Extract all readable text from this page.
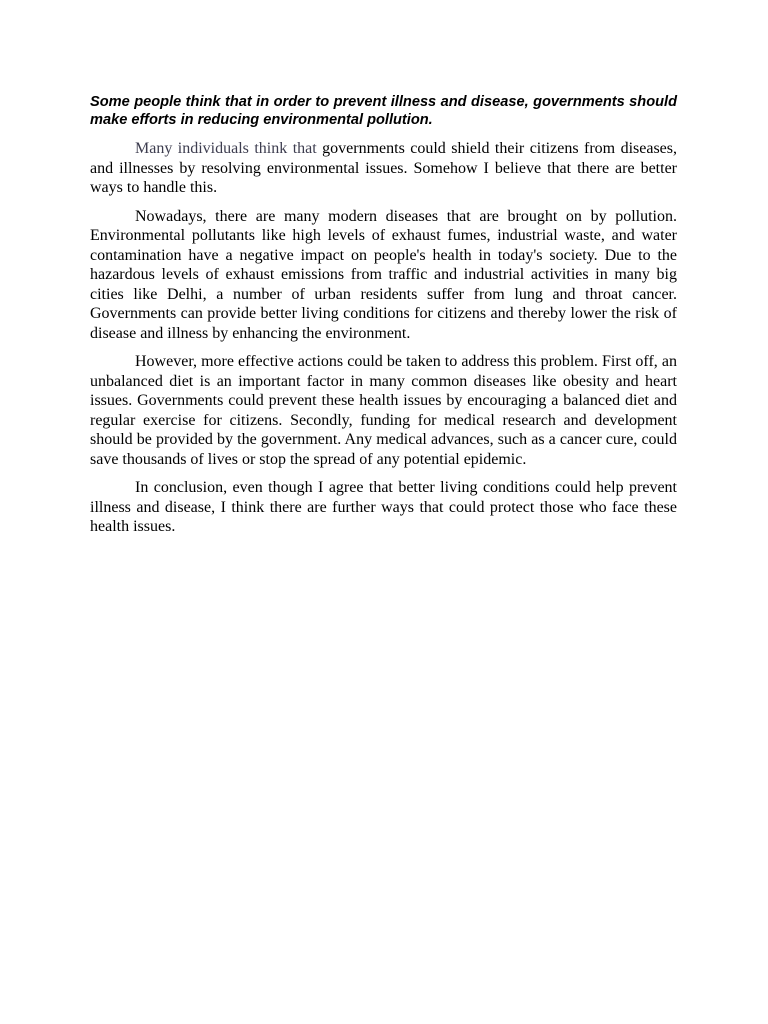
Some people think that in order to prevent illness and disease, governments should make efforts in reducing environmental pollution.

Many individuals think that governments could shield their citizens from diseases, and illnesses by resolving environmental issues. Somehow I believe that there are better ways to handle this.

Nowadays, there are many modern diseases that are brought on by pollution. Environmental pollutants like high levels of exhaust fumes, industrial waste, and water contamination have a negative impact on people's health in today's society. Due to the hazardous levels of exhaust emissions from traffic and industrial activities in many big cities like Delhi, a number of urban residents suffer from lung and throat cancer. Governments can provide better living conditions for citizens and thereby lower the risk of disease and illness by enhancing the environment.

However, more effective actions could be taken to address this problem. First off, an unbalanced diet is an important factor in many common diseases like obesity and heart issues. Governments could prevent these health issues by encouraging a balanced diet and regular exercise for citizens. Secondly, funding for medical research and development should be provided by the government. Any medical advances, such as a cancer cure, could save thousands of lives or stop the spread of any potential epidemic.

In conclusion, even though I agree that better living conditions could help prevent illness and disease, I think there are further ways that could protect those who face these health issues.
